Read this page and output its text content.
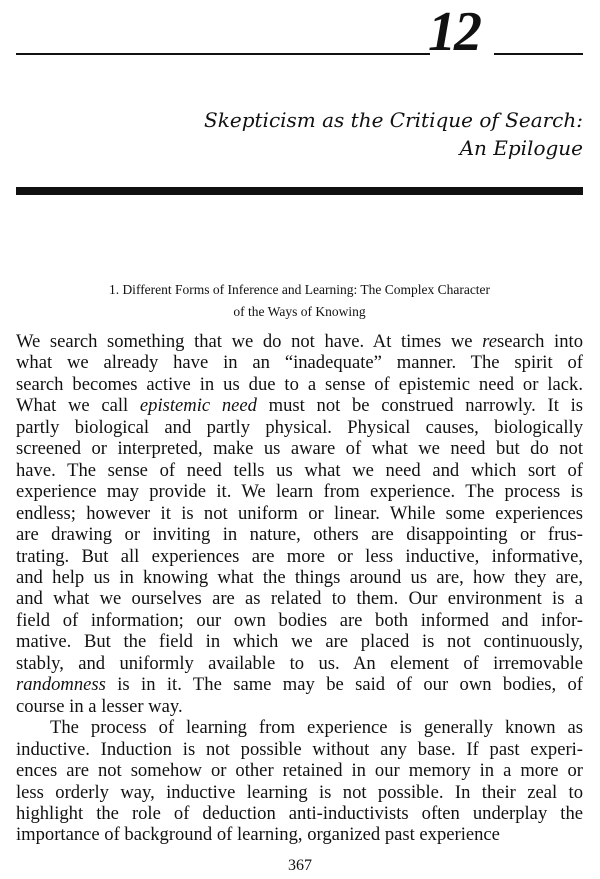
12
Skepticism as the Critique of Search:
An Epilogue
1. Different Forms of Inference and Learning: The Complex Character
of the Ways of Knowing
We search something that we do not have. At times we research into
what we already have in an “inadequate” manner. The spirit of
search becomes active in us due to a sense of epistemic need or lack.
What we call epistemic need must not be construed narrowly. It is
partly biological and partly physical. Physical causes, biologically
screened or interpreted, make us aware of what we need but do not
have. The sense of need tells us what we need and which sort of
experience may provide it. We learn from experience. The process is
endless; however it is not uniform or linear. While some experiences
are drawing or inviting in nature, others are disappointing or frus-
trating. But all experiences are more or less inductive, informative,
and help us in knowing what the things around us are, how they are,
and what we ourselves are as related to them. Our environment is a
field of information; our own bodies are both informed and infor-
mative. But the field in which we are placed is not continuously,
stably, and uniformly available to us. An element of irremovable
randomness is in it. The same may be said of our own bodies, of
course in a lesser way.
The process of learning from experience is generally known as
inductive. Induction is not possible without any base. If past experi-
ences are not somehow or other retained in our memory in a more or
less orderly way, inductive learning is not possible. In their zeal to
highlight the role of deduction anti-inductivists often underplay the
importance of background of learning, organized past experience
367
